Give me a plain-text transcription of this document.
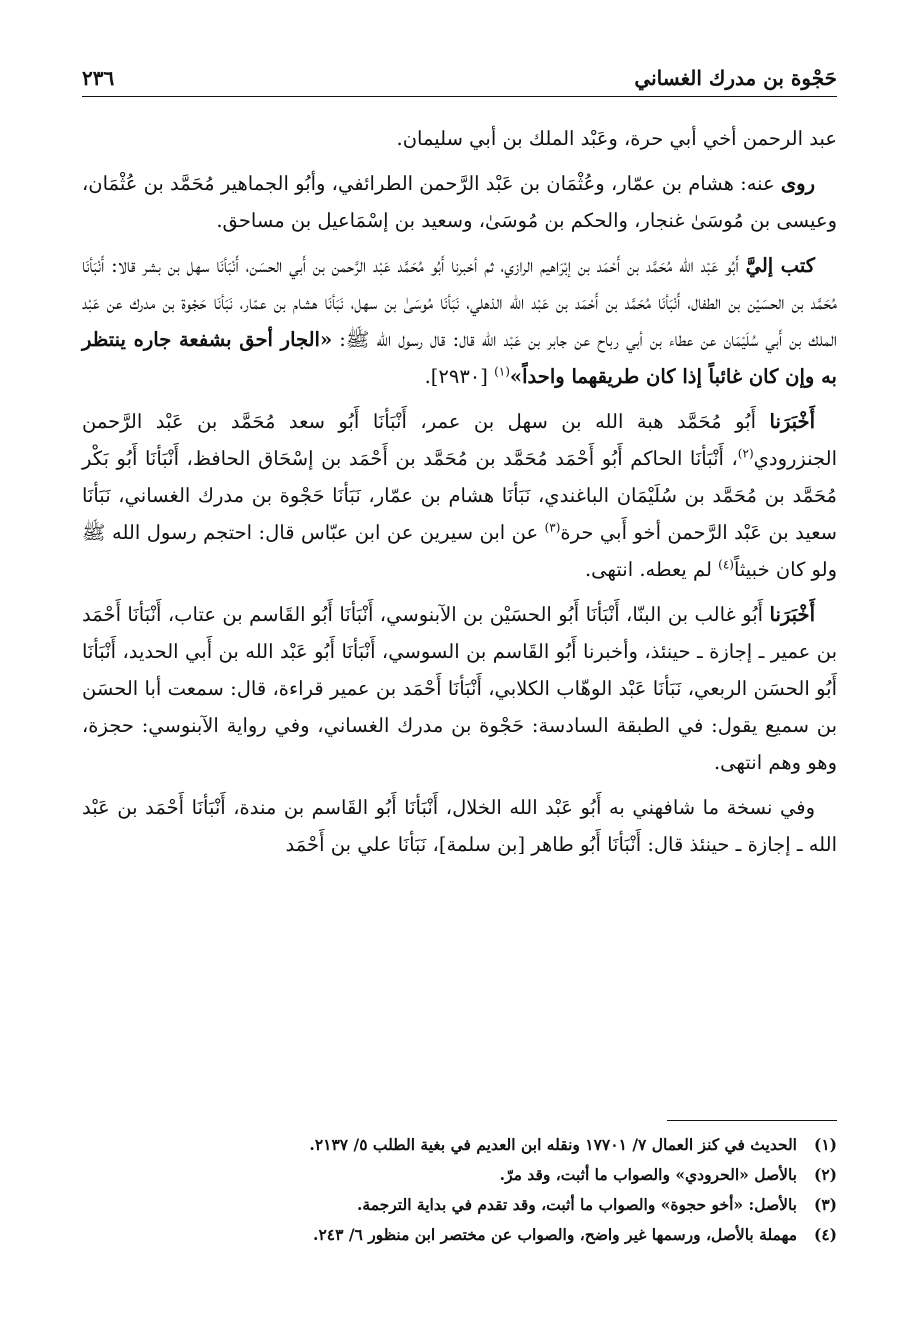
حَجْوة بن مدرك الغساني
٢٣٦

عبد الرحمن أخي أبي حرة، وعَبْد الملك بن أبي سليمان.

روى عنه: هشام بن عمّار، وعُثْمَان بن عَبْد الرَّحمن الطرائفي، وأبُو الجماهير مُحَمَّد بن عُثْمَان، وعيسى بن مُوسَىٰ غنجار، والحكم بن مُوسَىٰ، وسعيد بن إسْمَاعيل بن مساحق.

كتب إليَّ أَبُو عَبْد الله مُحَمَّد بن أَحْمَد بن إبْرَاهيم الرازي، ثم أخبرنا أَبُو مُحَمَّد عَبْد الرَّحمن بن أَبي الحسَن، أَنْبَأنَا سهل بن بشر قالا: أَنْبَأنَا مُحَمَّد بن الحسَيْن بن الطفال، أَنْبَأنَا مُحَمَّد بن أَحْمَد بن عَبْد الله الذهلي، نَبَأنَا مُوسَىٰ بن سهل، نَبَأنَا هشام بن عمّار، نَبَأنَا حَجْوة بن مدرك عن عَبْد الملك بن أَبي سُلَيْمَان عن عطاء بن أبي رباح عن جابر بن عَبْد الله قال: قال رسول الله ﷺ: «الجار أحق بشفعة جاره ينتظر به وإن كان غائباً إذا كان طريقهما واحداً»$^{(١)}$ [٢٩٣٠].

أَخْبَرَنا أَبُو مُحَمَّد هبة الله بن سهل بن عمر، أَنْبَأنَا أَبُو سعد مُحَمَّد بن عَبْد الرَّحمن الجنزرودي$^{(٢)}$، أَنْبَأنَا الحاكم أَبُو أَحْمَد مُحَمَّد بن مُحَمَّد بن أَحْمَد بن إسْحَاق الحافظ، أَنْبَأنَا أَبُو بَكْر مُحَمَّد بن مُحَمَّد بن سُلَيْمَان الباغندي، نَبَأنَا هشام بن عمّار، نَبَأنَا حَجْوة بن مدرك الغساني، نَبَأنَا سعيد بن عَبْد الرَّحمن أخو أَبي حرة$^{(٣)}$ عن ابن سيرين عن ابن عبّاس قال: احتجم رسول الله ﷺ ولو كان خبيثاً$^{(٤)}$ لم يعطه. انتهى.

أَخْبَرَنا أَبُو غالب بن البنّا، أَنْبَأنَا أَبُو الحسَيْن بن الآبنوسي، أَنْبَأنَا أَبُو القَاسم بن عتاب، أَنْبَأنَا أَحْمَد بن عمير ـ إجازة ـ حينئذ، وأخبرنا أَبُو القَاسم بن السوسي، أَنْبَأنَا أَبُو عَبْد الله بن أَبي الحديد، أَنْبَأنَا أَبُو الحسَن الربعي، نَبَأنَا عَبْد الوهّاب الكلابي، أَنْبَأنَا أَحْمَد بن عمير قراءة، قال: سمعت أبا الحسَن بن سميع يقول: في الطبقة السادسة: حَجْوة بن مدرك الغساني، وفي رواية الآبنوسي: حجزة، وهو وهم انتهى.

وفي نسخة ما شافهني به أَبُو عَبْد الله الخلال، أَنْبَأنَا أَبُو القَاسم بن مندة، أَنْبَأنَا أَحْمَد بن عَبْد الله ـ إجازة ـ حينئذ قال: أَنْبَأنَا أَبُو طاهر [بن سلمة]، نَبَأنَا علي بن أَحْمَد

(١)
الحديث في كنز العمال ٧/ ١٧٧٠١ ونقله ابن العديم في بغية الطلب ٥/ ٢١٣٧.
(٢)
بالأصل «الحرودي» والصواب ما أثبت، وقد مرّ.
(٣)
بالأصل: «أخو حجوة» والصواب ما أثبت، وقد تقدم في بداية الترجمة.
(٤)
مهملة بالأصل، ورسمها غير واضح، والصواب عن مختصر ابن منظور ٦/ ٢٤٣.
